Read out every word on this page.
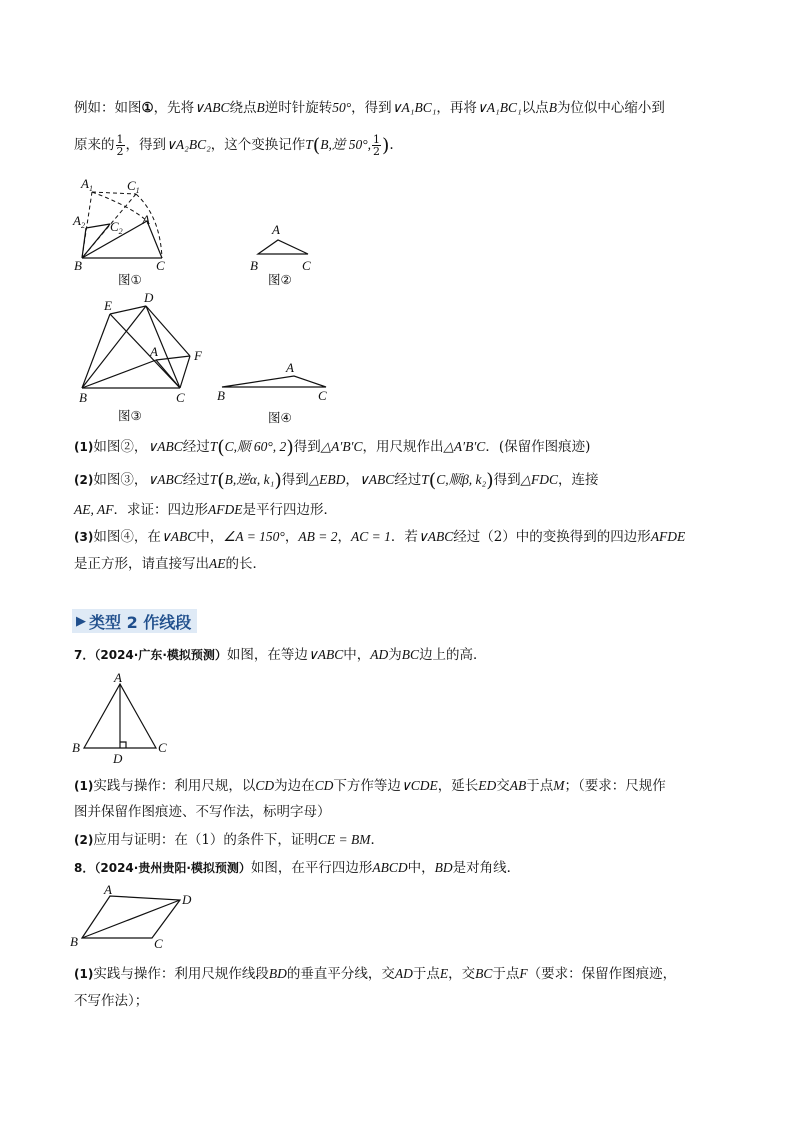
例如：如图①，先将∨ABC绕点B逆时针旋转50°，得到∨A₁BC₁，再将∨A₁BC₁以点B为位似中心缩小到
原来的 $\frac{1}{2}$ ，得到∨A₂BC₂，这个变换记作T(B,逆 50°, $\frac{1}{2}$ ).
$A_1$	$C_1$
$A_2$ $C_2$
A
B	C
图①
A
B	C
图②
E
D
A	F
B	C
图③
A
B	C
图④
(1)如图②，∨ABC经过T(C,顺 60°, 2)得到△A′B′C，用尺规作出△A′B′C．(保留作图痕迹)
(2)如图③，∨ABC经过T(B,逆α, k₁)得到△EBD，∨ABC经过T(C,顺β, k₂)得到△FDC，连接
AE, AF．求证：四边形AFDE是平行四边形．
(3)如图④，在∨ABC中，∠A = 150°，AB = 2，AC = 1．若∨ABC经过（2）中的变换得到的四边形AFDE
是正方形，请直接写出AE的长．
▶ 类型 2 作线段
7．（2024·广东·模拟预测）如图，在等边∨ABC中，AD为BC边上的高．
A
B	C
D
(1)实践与操作：利用尺规，以CD为边在CD下方作等边∨CDE，延长ED交AB于点M；（要求：尺规作
图并保留作图痕迹、不写作法，标明字母）
(2)应用与证明：在（1）的条件下，证明CE = BM．
8．（2024·贵州贵阳·模拟预测）如图，在平行四边形ABCD中，BD是对角线．
A
D
B	C
(1)实践与操作：利用尺规作线段BD的垂直平分线，交AD于点E，交BC于点F（要求：保留作图痕迹，
不写作法）；
